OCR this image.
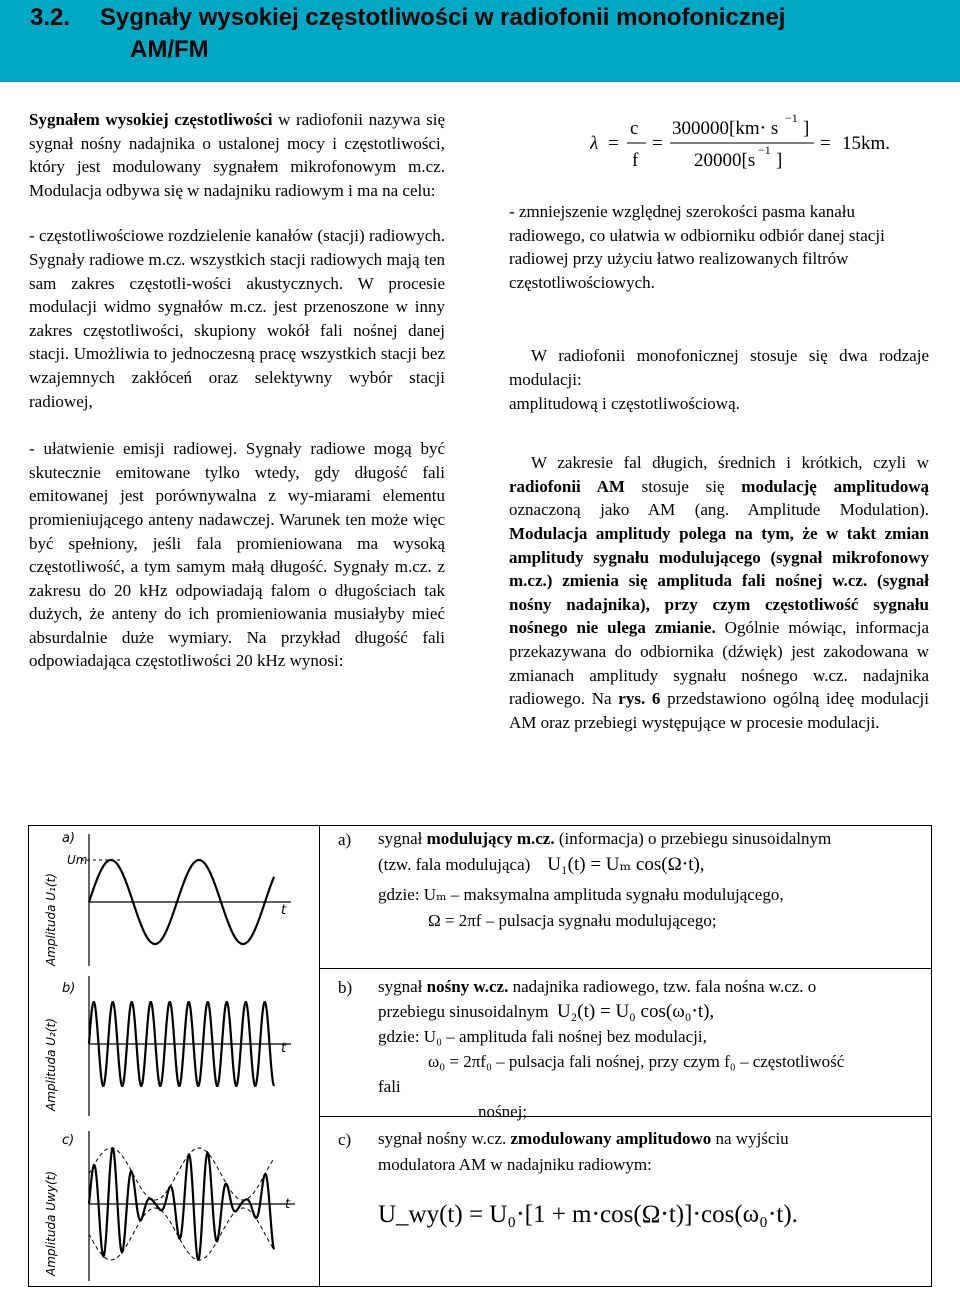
3.2. Sygnały wysokiej częstotliwości w radiofonii monofonicznej
AM/FM

Sygnałem wysokiej częstotliwości w radiofonii nazywa się sygnał nośny nadajnika o ustalonej mocy i częstotliwości, który jest modulowany sygnałem mikrofonowym m.cz. Modulacja odbywa się w nadajniku radiowym i ma na celu:

- częstotliwościowe rozdzielenie kanałów (stacji) radiowych. Sygnały radiowe m.cz. wszystkich stacji radiowych mają ten sam zakres częstotli-wości akustycznych. W procesie modulacji widmo sygnałów m.cz. jest przenoszone w inny zakres częstotliwości, skupiony wokół fali nośnej danej stacji. Umożliwia to jednoczesną pracę wszystkich stacji bez wzajemnych zakłóceń oraz selektywny wybór stacji radiowej,

- ułatwienie emisji radiowej. Sygnały radiowe mogą być skutecznie emitowane tylko wtedy, gdy długość fali emitowanej jest porównywalna z wy-miarami elementu promieniującego anteny nadawczej. Warunek ten może więc być spełniony, jeśli fala promieniowana ma wysoką częstotliwość, a tym samym małą długość. Sygnały m.cz. z zakresu do 20 kHz odpowiadają falom o długościach tak dużych, że anteny do ich promieniowania musiałyby mieć absurdalnie duże wymiary. Na przykład długość fali odpowiadająca częstotliwości 20 kHz wynosi:

λ =
c
f
=
300000[km⋅ s −1 ]
20000[s −1 ]
= 15km.

- zmniejszenie względnej szerokości pasma kanału radiowego, co ułatwia w odbiorniku odbiór danej stacji radiowej przy użyciu łatwo realizowanych filtrów częstotliwościowych.

W radiofonii monofonicznej stosuje się dwa rodzaje modulacji:

amplitudową i częstotliwościową.

W zakresie fal długich, średnich i krótkich, czyli w radiofonii AM stosuje się modulację amplitudową oznaczoną jako AM (ang. Amplitude Modulation). Modulacja amplitudy polega na tym, że w takt zmian amplitudy sygnału modulującego (sygnał mikrofonowy m.cz.) zmienia się amplituda fali nośnej w.cz. (sygnał nośny nadajnika), przy czym częstotliwość sygnału nośnego nie ulega zmianie. Ogólnie mówiąc, informacja przekazywana do odbiornika (dźwięk) jest zakodowana w zmianach amplitudy sygnału nośnego w.cz. nadajnika radiowego. Na rys. 6 przedstawiono ogólną ideę modulacji AM oraz przebiegi występujące w procesie modulacji.

a)
Um
t
Amplituda U₁(t)
b)
t
Amplituda U₂(t)
c)
t
Amplituda Uwy(t)
a) sygnał modulujący m.cz. (informacja) o przebiegu sinusoidalnym
(tzw. fala modulująca) U₁(t) = Uₘ cos(Ω⋅t),
gdzie: Uₘ – maksymalna amplituda sygnału modulującego,
Ω = 2πf – pulsacja sygnału modulującego;
b) sygnał nośny w.cz. nadajnika radiowego, tzw. fala nośna w.cz. o
przebiegu sinusoidalnym U₂(t) = U₀ cos(ω₀⋅t),
gdzie: U₀ – amplituda fali nośnej bez modulacji,
ω₀ = 2πf₀ – pulsacja fali nośnej, przy czym f₀ – częstotliwość
fali
nośnej;
c) sygnał nośny w.cz. zmodulowany amplitudowo na wyjściu
modulatora AM w nadajniku radiowym:
U_wy(t) = U₀⋅[1 + m⋅cos(Ω⋅t)]⋅cos(ω₀⋅t).
